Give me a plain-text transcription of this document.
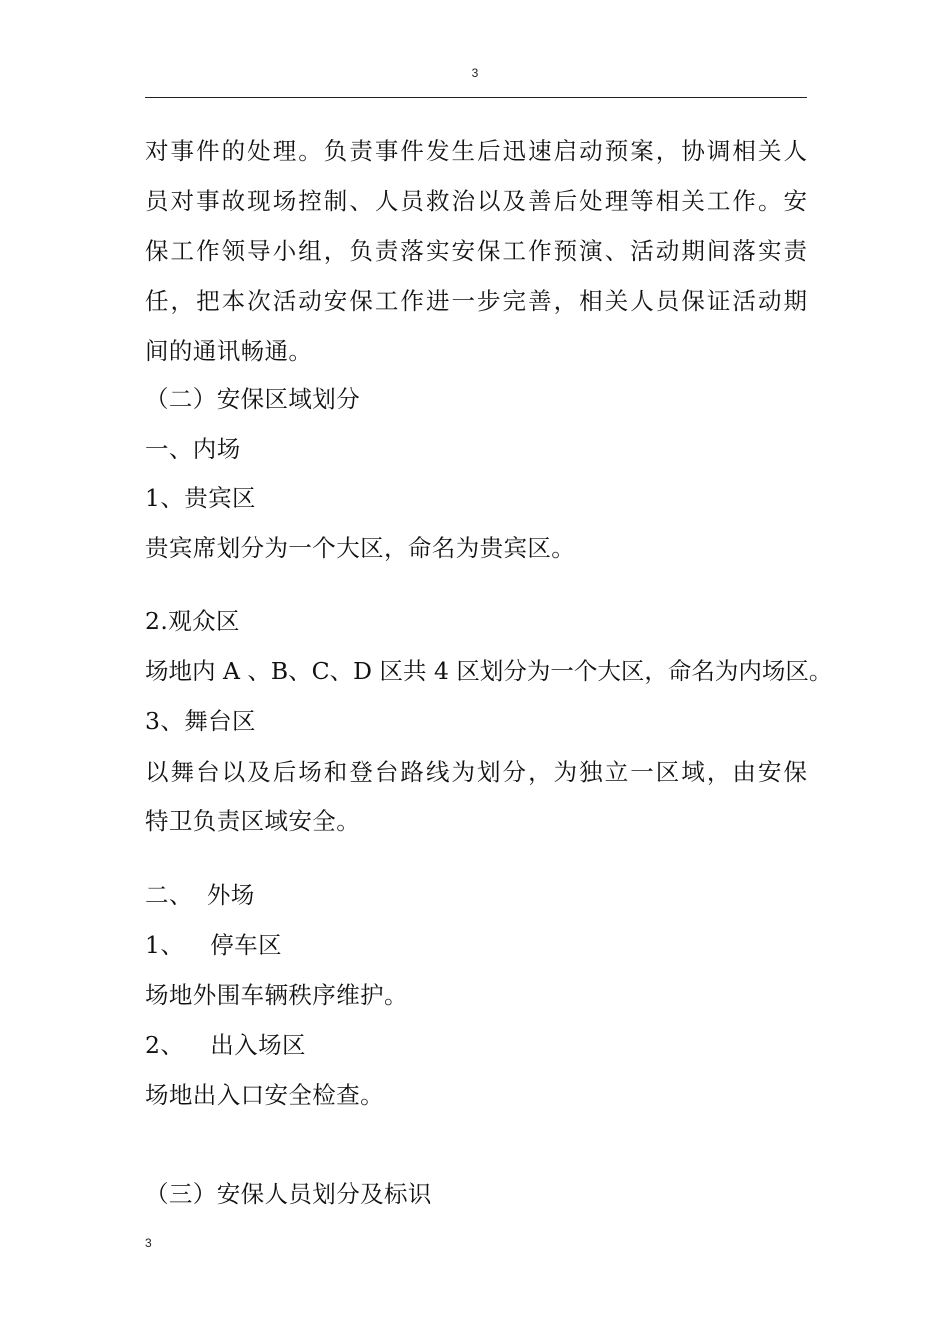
3
对事件的处理。负责事件发生后迅速启动预案，协调相关人
员对事故现场控制、人员救治以及善后处理等相关工作。安
保工作领导小组，负责落实安保工作预演、活动期间落实责
任，把本次活动安保工作进一步完善，相关人员保证活动期
间的通讯畅通。
（二）安保区域划分
一、内场
1、贵宾区
贵宾席划分为一个大区，命名为贵宾区。
2.观众区
场地内 A 、B、C、D 区共 4 区划分为一个大区，命名为内场区。
3、舞台区
以舞台以及后场和登台路线为划分，为独立一区域，由安保
特卫负责区域安全。
二、 外场
1、 停车区
场地外围车辆秩序维护。
2、 出入场区
场地出入口安全检查。
（三）安保人员划分及标识
3
